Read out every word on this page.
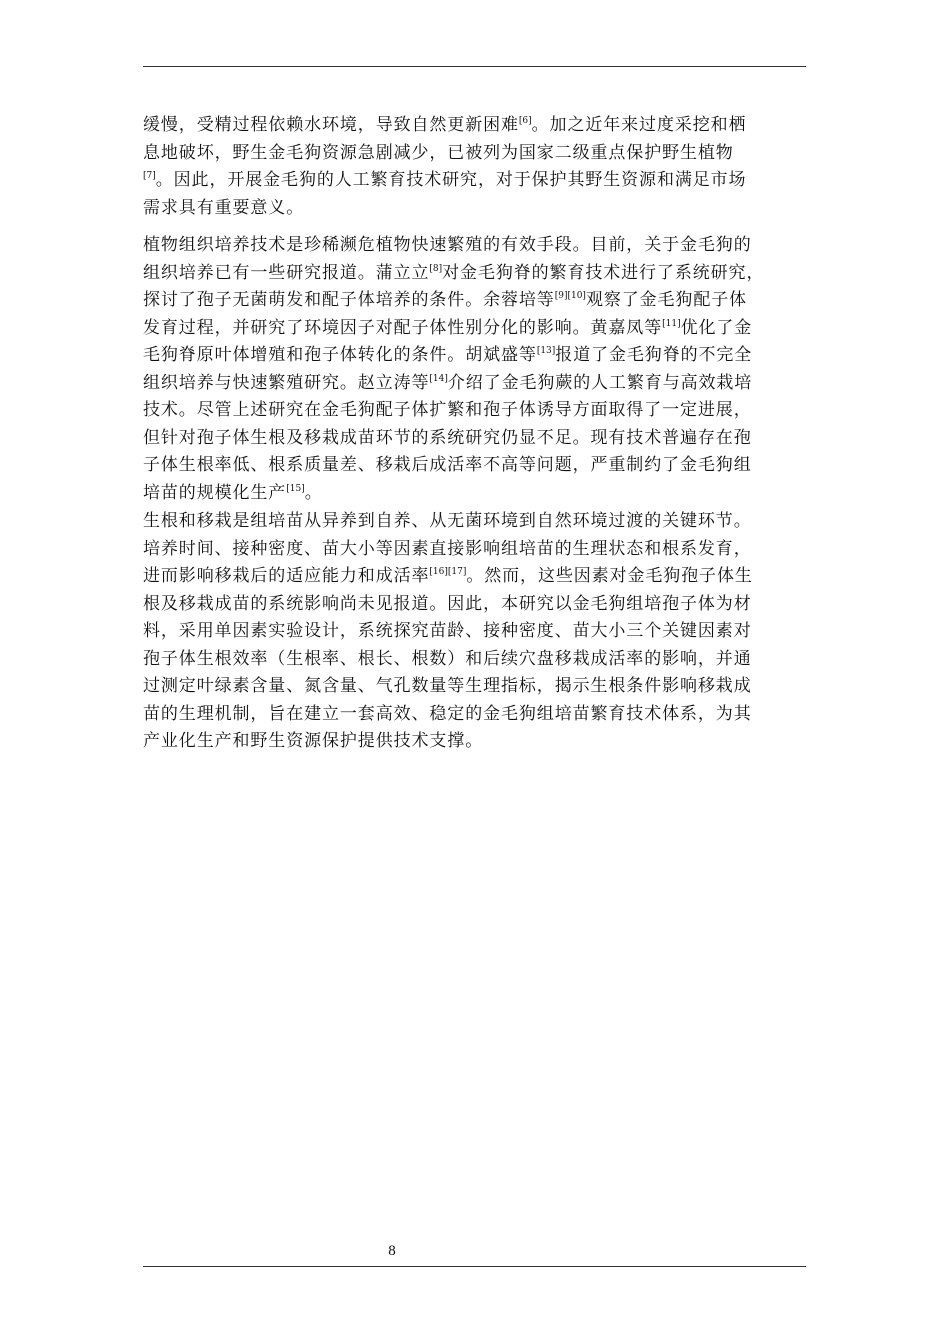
缓慢，受精过程依赖水环境，导致自然更新困难[6]。加之近年来过度采挖和栖
息地破坏，野生金毛狗资源急剧减少，已被列为国家二级重点保护野生植物
[7]。因此，开展金毛狗的人工繁育技术研究，对于保护其野生资源和满足市场
需求具有重要意义。
植物组织培养技术是珍稀濒危植物快速繁殖的有效手段。目前，关于金毛狗的
组织培养已有一些研究报道。蒲立立[8]对金毛狗脊的繁育技术进行了系统研究，
探讨了孢子无菌萌发和配子体培养的条件。余蓉培等[9][10]观察了金毛狗配子体
发育过程，并研究了环境因子对配子体性别分化的影响。黄嘉凤等[11]优化了金
毛狗脊原叶体增殖和孢子体转化的条件。胡斌盛等[13]报道了金毛狗脊的不完全
组织培养与快速繁殖研究。赵立涛等[14]介绍了金毛狗蕨的人工繁育与高效栽培
技术。尽管上述研究在金毛狗配子体扩繁和孢子体诱导方面取得了一定进展，
但针对孢子体生根及移栽成苗环节的系统研究仍显不足。现有技术普遍存在孢
子体生根率低、根系质量差、移栽后成活率不高等问题，严重制约了金毛狗组
培苗的规模化生产[15]。
生根和移栽是组培苗从异养到自养、从无菌环境到自然环境过渡的关键环节。
培养时间、接种密度、苗大小等因素直接影响组培苗的生理状态和根系发育，
进而影响移栽后的适应能力和成活率[16][17]。然而，这些因素对金毛狗孢子体生
根及移栽成苗的系统影响尚未见报道。因此，本研究以金毛狗组培孢子体为材
料，采用单因素实验设计，系统探究苗龄、接种密度、苗大小三个关键因素对
孢子体生根效率（生根率、根长、根数）和后续穴盘移栽成活率的影响，并通
过测定叶绿素含量、氮含量、气孔数量等生理指标，揭示生根条件影响移栽成
苗的生理机制，旨在建立一套高效、稳定的金毛狗组培苗繁育技术体系，为其
产业化生产和野生资源保护提供技术支撑。
8
